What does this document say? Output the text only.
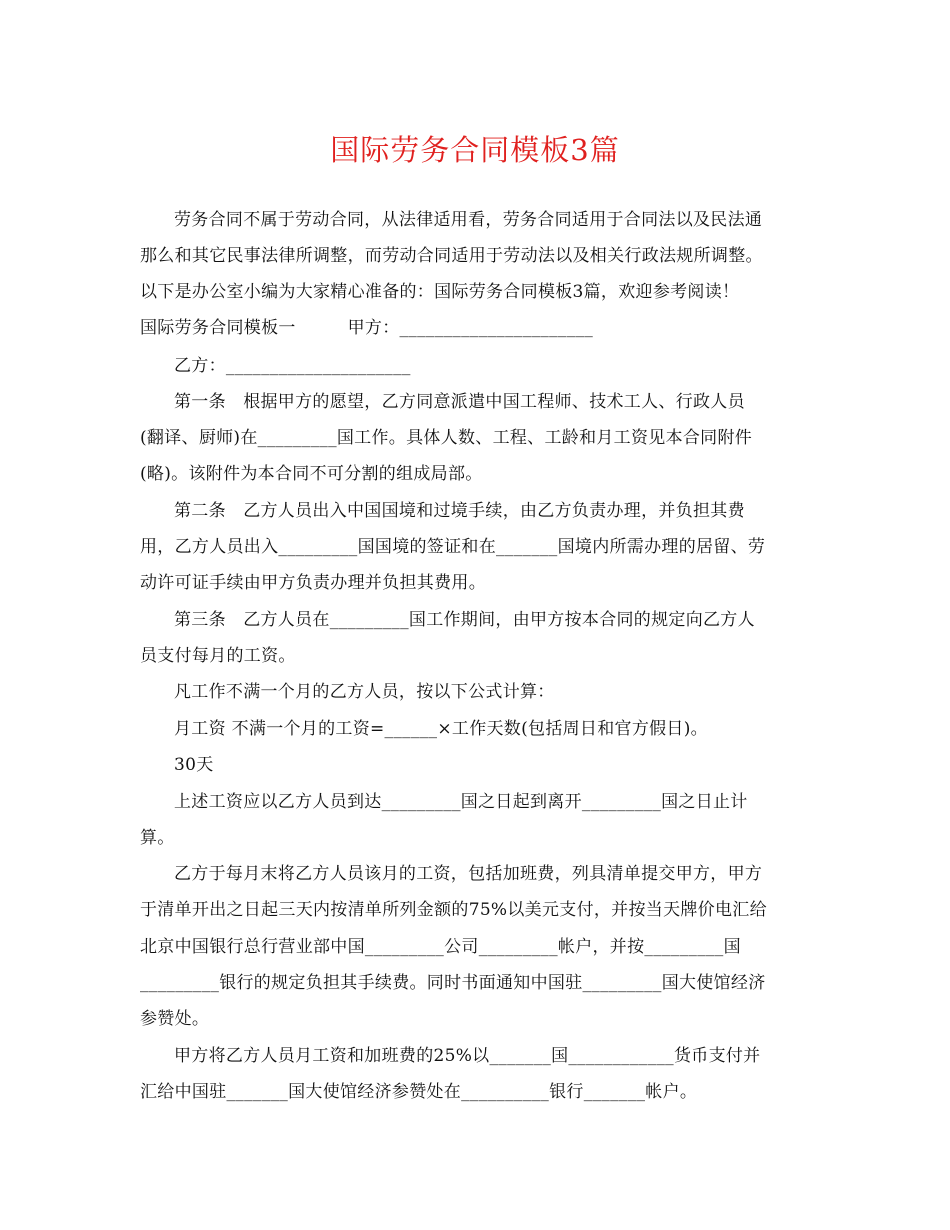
国际劳务合同模板3篇
劳务合同不属于劳动合同，从法律适用看，劳务合同适用于合同法以及民法通
那么和其它民事法律所调整，而劳动合同适用于劳动法以及相关行政法规所调整。
以下是办公室小编为大家精心准备的：国际劳务合同模板3篇，欢迎参考阅读！
国际劳务合同模板一　　　甲方：______________________
乙方：_____________________
第一条　根据甲方的愿望，乙方同意派遣中国工程师、技术工人、行政人员
(翻译、厨师)在_________国工作。具体人数、工程、工龄和月工资见本合同附件
(略)。该附件为本合同不可分割的组成局部。
第二条　乙方人员出入中国国境和过境手续，由乙方负责办理，并负担其费
用，乙方人员出入_________国国境的签证和在_______国境内所需办理的居留、劳
动许可证手续由甲方负责办理并负担其费用。
第三条　乙方人员在_________国工作期间，由甲方按本合同的规定向乙方人
员支付每月的工资。
凡工作不满一个月的乙方人员，按以下公式计算：
月工资 不满一个月的工资=______×工作天数(包括周日和官方假日)。
30天
上述工资应以乙方人员到达_________国之日起到离开_________国之日止计
算。
乙方于每月末将乙方人员该月的工资，包括加班费，列具清单提交甲方，甲方
于清单开出之日起三天内按清单所列金额的75%以美元支付，并按当天牌价电汇给
北京中国银行总行营业部中国_________公司_________帐户，并按_________国
_________银行的规定负担其手续费。同时书面通知中国驻_________国大使馆经济
参赞处。
甲方将乙方人员月工资和加班费的25%以_______国____________货币支付并
汇给中国驻_______国大使馆经济参赞处在__________银行_______帐户。
